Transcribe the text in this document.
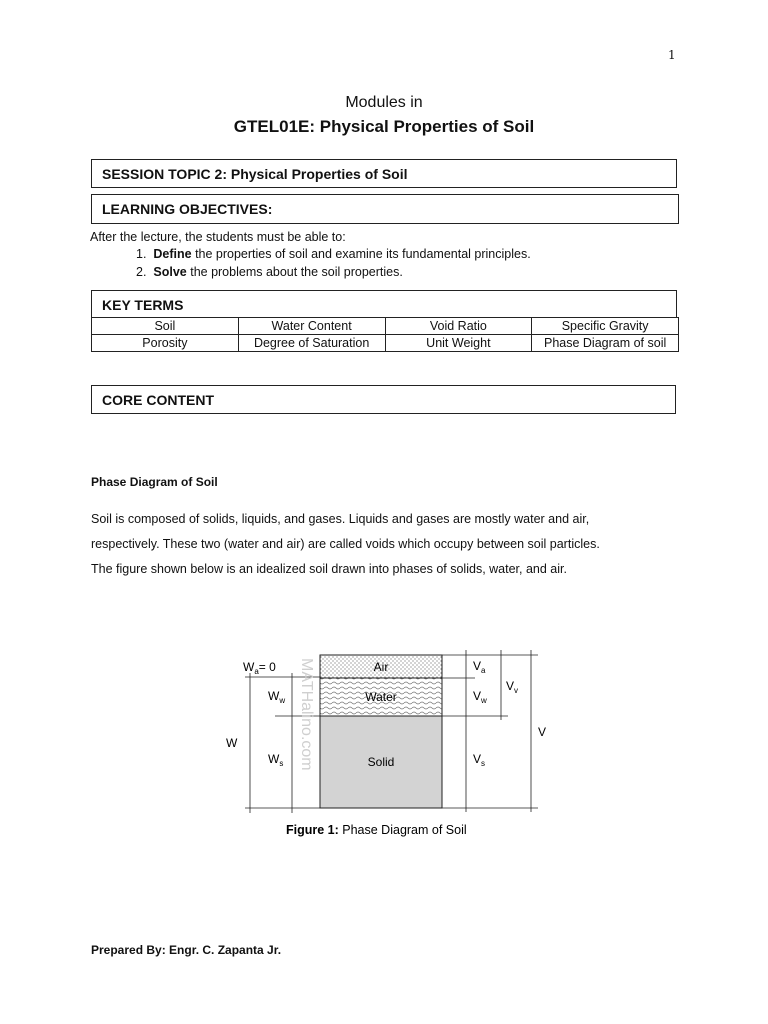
1
Modules in
GTEL01E: Physical Properties of Soil
SESSION TOPIC 2: Physical Properties of Soil
LEARNING OBJECTIVES:
After the lecture, the students must be able to:
1. Define the properties of soil and examine its fundamental principles.
2. Solve the problems about the soil properties.
KEY TERMS
Soil	Water Content	Void Ratio	Specific Gravity
Porosity	Degree of Saturation	Unit Weight	Phase Diagram of soil
CORE CONTENT
Phase Diagram of Soil
Soil is composed of solids, liquids, and gases. Liquids and gases are mostly water and air,
respectively. These two (water and air) are called voids which occupy between soil particles.
The figure shown below is an idealized soil drawn into phases of solids, water, and air.
Air
Water
Solid
$W_a= 0$
$W_w$
$W_s$
W
$V_a$
$V_w$
$V_v$
$V_s$
V
MATHalino.com
Figure 1: Phase Diagram of Soil
Prepared By: Engr. C. Zapanta Jr.
